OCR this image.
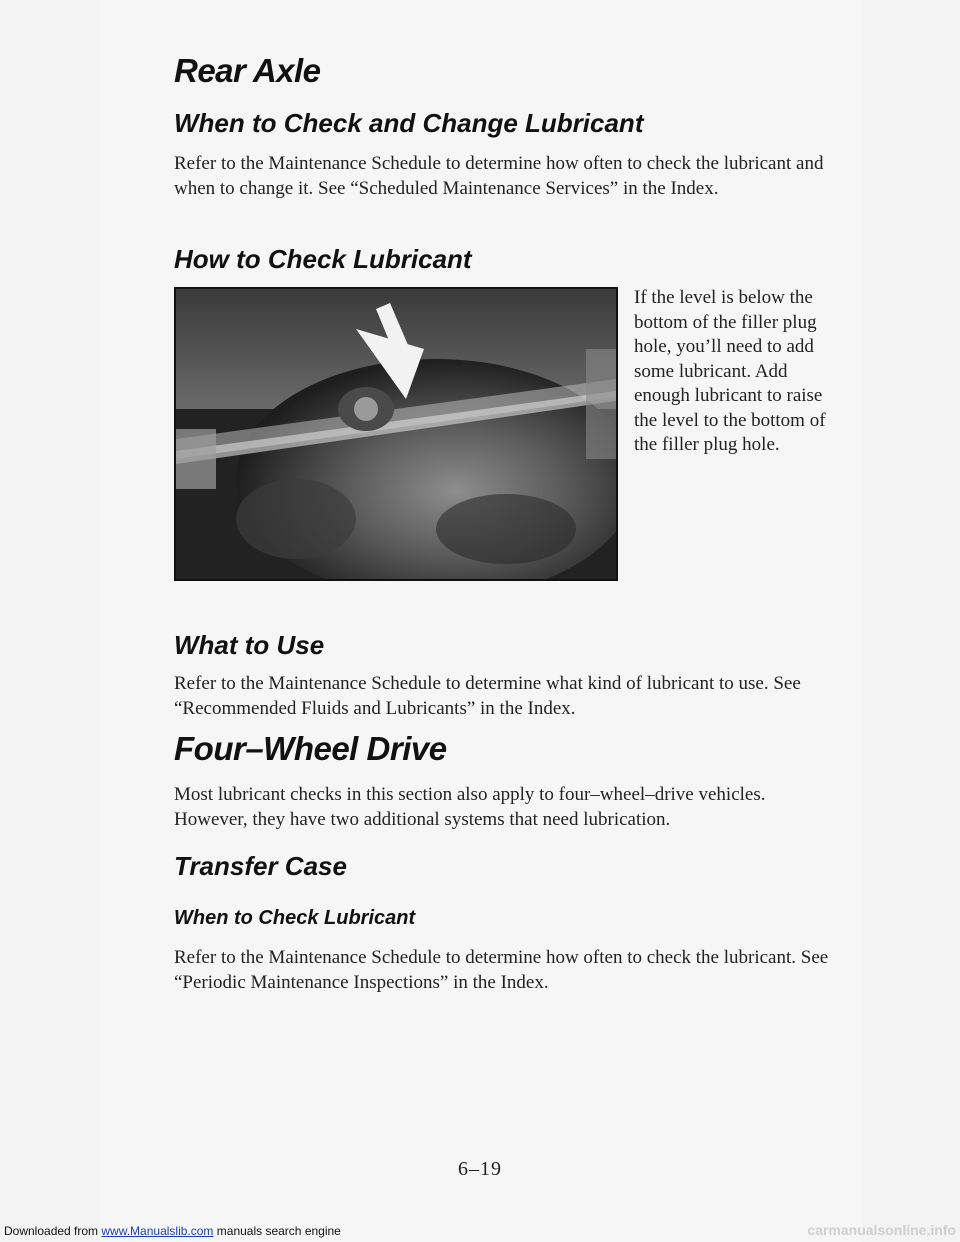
Rear Axle
When to Check and Change Lubricant

Refer to the Maintenance Schedule to determine how often to check the lubricant and when to change it. See “Scheduled Maintenance Services” in the Index.

How to Check Lubricant

If the level is below the bottom of the filler plug hole, you’ll need to add some lubricant. Add enough lubricant to raise the level to the bottom of the filler plug hole.

What to Use

Refer to the Maintenance Schedule to determine what kind of lubricant to use. See “Recommended Fluids and Lubricants” in the Index.

Four–Wheel Drive

Most lubricant checks in this section also apply to four–wheel–drive vehicles. However, they have two additional systems that need lubrication.

Transfer Case
When to Check Lubricant

Refer to the Maintenance Schedule to determine how often to check the lubricant. See “Periodic Maintenance Inspections” in the Index.

6–19
Downloaded from www.Manualslib.com manuals search engine	carmanualsonline.info
